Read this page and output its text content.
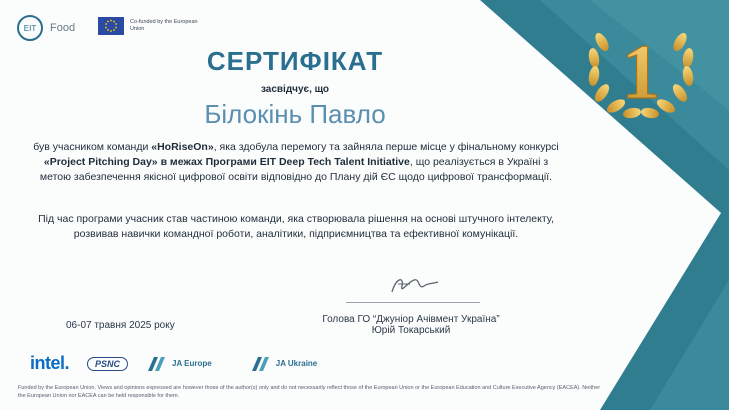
EIT Food	Co-funded by the European Union
СЕРТИФІКАТ
засвідчує, що
Білокінь Павло
був учасником команди «HoRiseOn», яка здобула перемогу та зайняла перше місце у фінальному конкурсі «Project Pitching Day» в межах Програми EIT Deep Tech Talent Initiative, що реалізується в Україні з метою забезпечення якісної цифрової освіти відповідно до Плану дій ЄС щодо цифрової трансформації.
Під час програми учасник став частиною команди, яка створювала рішення на основі штучного інтелекту, розвивав навички командної роботи, аналітики, підприємництва та ефективної комунікації.
06-07 травня 2025 року
Голова ГО “Джуніор Ачівмент Україна”
Юрій Токарський
1
intel.	PSNC	JA Europe	JA Ukraine
Funded by the European Union. Views and opinions expressed are however those of the author(s) only and do not necessarily reflect those of the European Union or the European Education and Culture Executive Agency (EACEA). Neither the European Union nor EACEA can be held responsible for them.
